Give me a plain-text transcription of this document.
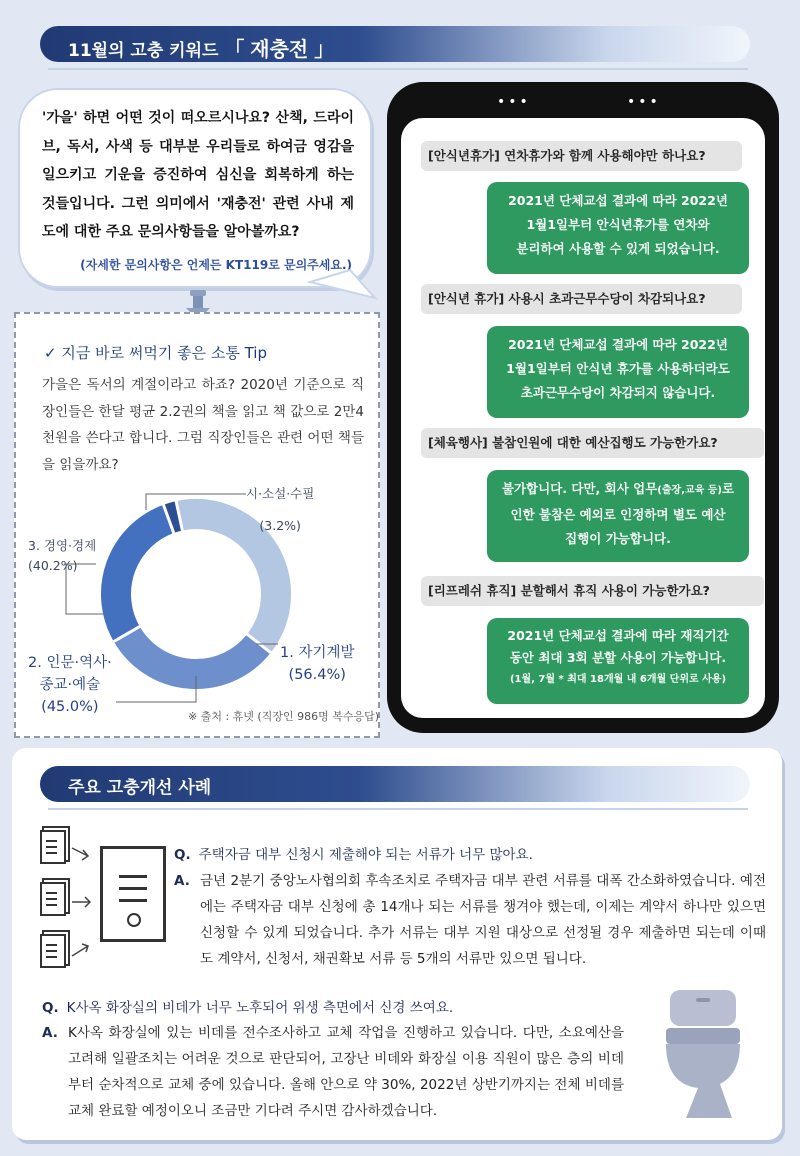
11월의 고충 키워드 「 재충전 」
'가을' 하면 어떤 것이 떠오르시나요? 산책, 드라이브, 독서, 사색 등 대부분 우리들로 하여금 영감을 일으키고 기운을 증진하여 심신을 회복하게 하는 것들입니다. 그런 의미에서 '재충전' 관련 사내 제도에 대한 주요 문의사항들을 알아볼까요?
(자세한 문의사항은 언제든 KT119로 문의주세요.)
✓ 지금 바로 써먹기 좋은 소통 Tip
가을은 독서의 계절이라고 하죠? 2020년 기준으로 직장인들은 한달 평균 2.2권의 책을 읽고 책 값으로 2만4천원을 쓴다고 합니다. 그럼 직장인들은 관련 어떤 책들을 읽을까요?
시·소설·수필
(3.2%)
3. 경영·경제
(40.2%)
2. 인문·역사·
종교·예술
(45.0%)
1. 자기계발
(56.4%)
※ 출처 : 휴넷 (직장인 986명 복수응답)
•••	•••
[안식년휴가] 연차휴가와 함께 사용해야만 하나요?
2021년 단체교섭 결과에 따라 2022년
1월1일부터 안식년휴가를 연차와
분리하여 사용할 수 있게 되었습니다.
[안식년 휴가] 사용시 초과근무수당이 차감되나요?
2021년 단체교섭 결과에 따라 2022년
1월1일부터 안식년 휴가를 사용하더라도
초과근무수당이 차감되지 않습니다.
[체육행사] 불참인원에 대한 예산집행도 가능한가요?
불가합니다. 다만, 회사 업무(출장,교육 등)로
인한 불참은 예외로 인정하며 별도 예산
집행이 가능합니다.
[리프레쉬 휴직] 분할해서 휴직 사용이 가능한가요?
2021년 단체교섭 결과에 따라 재직기간
동안 최대 3회 분할 사용이 가능합니다.
(1월, 7월 * 최대 18개월 내 6개월 단위로 사용)
주요 고충개선 사례
Q. 주택자금 대부 신청시 제출해야 되는 서류가 너무 많아요.
A. 금년 2분기 중앙노사협의회 후속조치로 주택자금 대부 관련 서류를 대폭 간소화하였습니다. 예전에는 주택자금 대부 신청에 총 14개나 되는 서류를 챙겨야 했는데, 이제는 계약서 하나만 있으면 신청할 수 있게 되었습니다. 추가 서류는 대부 지원 대상으로 선정될 경우 제출하면 되는데 이때도 계약서, 신청서, 채권확보 서류 등 5개의 서류만 있으면 됩니다.
Q. K사옥 화장실의 비데가 너무 노후되어 위생 측면에서 신경 쓰여요.
A. K사옥 화장실에 있는 비데를 전수조사하고 교체 작업을 진행하고 있습니다. 다만, 소요예산을 고려해 일괄조치는 어려운 것으로 판단되어, 고장난 비데와 화장실 이용 직원이 많은 층의 비데부터 순차적으로 교체 중에 있습니다. 올해 안으로 약 30%, 2022년 상반기까지는 전체 비데를 교체 완료할 예정이오니 조금만 기다려 주시면 감사하겠습니다.
